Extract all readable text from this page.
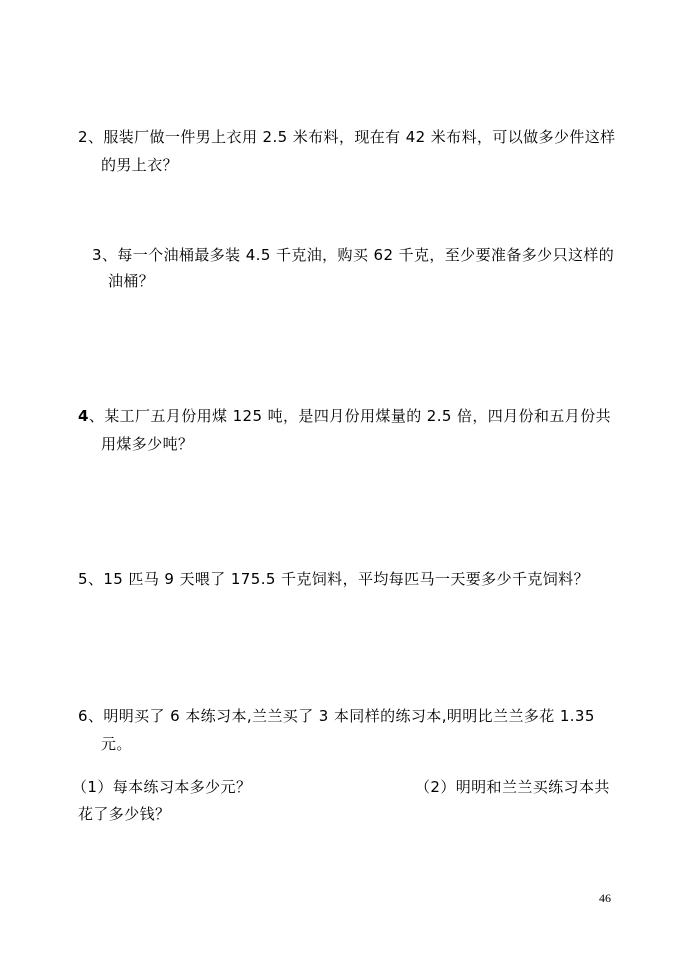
2、服装厂做一件男上衣用 2.5 米布料，现在有 42 米布料，可以做多少件这样
的男上衣？
3、每一个油桶最多装 4.5 千克油，购买 62 千克，至少要准备多少只这样的
油桶？
4、某工厂五月份用煤 125 吨，是四月份用煤量的 2.5 倍，四月份和五月份共
用煤多少吨？
5、15 匹马 9 天喂了 175.5 千克饲料，平均每匹马一天要多少千克饲料？
6、明明买了 6 本练习本,兰兰买了 3 本同样的练习本,明明比兰兰多花 1.35
元。
（1）每本练习本多少元？	（2）明明和兰兰买练习本共
花了多少钱？
46
